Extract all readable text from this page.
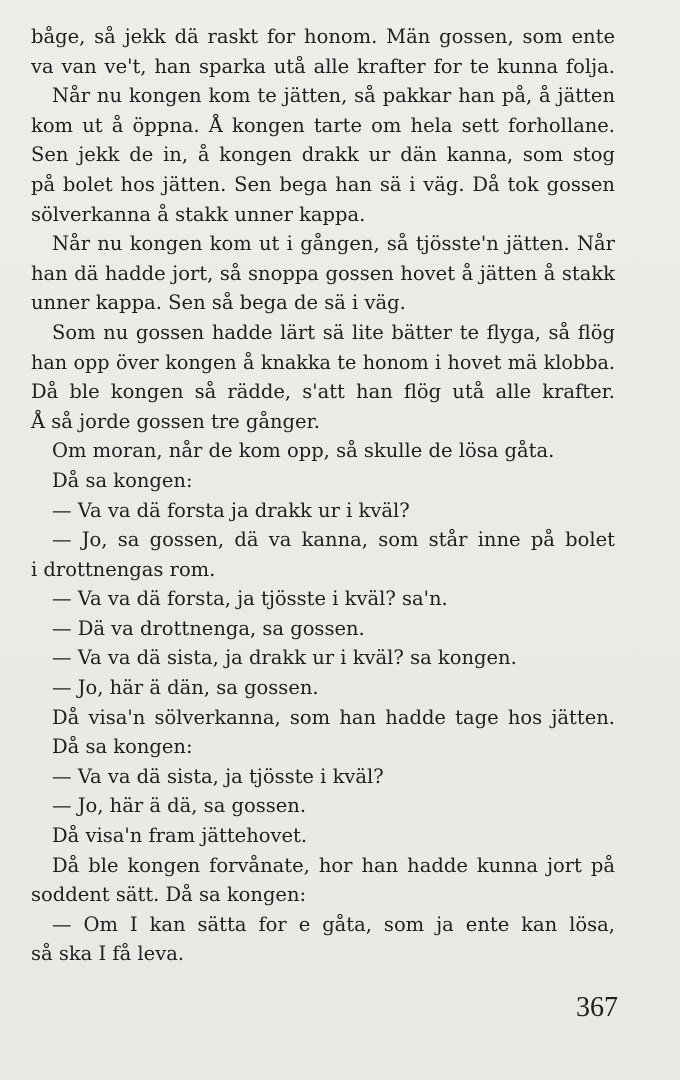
båge, så jekk dä raskt for honom. Män gossen, som ente
va van ve't, han sparka utå alle krafter for te kunna folja.
Når nu kongen kom te jätten, så pakkar han på, å jätten
kom ut å öppna. Å kongen tarte om hela sett forhollane.
Sen jekk de in, å kongen drakk ur dän kanna, som stog
på bolet hos jätten. Sen bega han sä i väg. Då tok gossen
sölverkanna å stakk unner kappa.
Når nu kongen kom ut i gången, så tjösste'n jätten. Når
han dä hadde jort, så snoppa gossen hovet å jätten å stakk
unner kappa. Sen så bega de sä i väg.
Som nu gossen hadde lärt sä lite bätter te flyga, så flög
han opp över kongen å knakka te honom i hovet mä klobba.
Då ble kongen så rädde, s'att han flög utå alle krafter.
Å så jorde gossen tre gånger.
Om moran, når de kom opp, så skulle de lösa gåta.
Då sa kongen:
— Va va dä forsta ja drakk ur i kväl?
— Jo, sa gossen, dä va kanna, som står inne på bolet
i drottnengas rom.
— Va va dä forsta, ja tjösste i kväl? sa'n.
— Dä va drottnenga, sa gossen.
— Va va dä sista, ja drakk ur i kväl? sa kongen.
— Jo, här ä dän, sa gossen.
Då visa'n sölverkanna, som han hadde tage hos jätten.
Då sa kongen:
— Va va dä sista, ja tjösste i kväl?
— Jo, här ä dä, sa gossen.
Då visa'n fram jättehovet.
Då ble kongen forvånate, hor han hadde kunna jort på
soddent sätt. Då sa kongen:
— Om I kan sätta for e gåta, som ja ente kan lösa,
så ska I få leva.
367
